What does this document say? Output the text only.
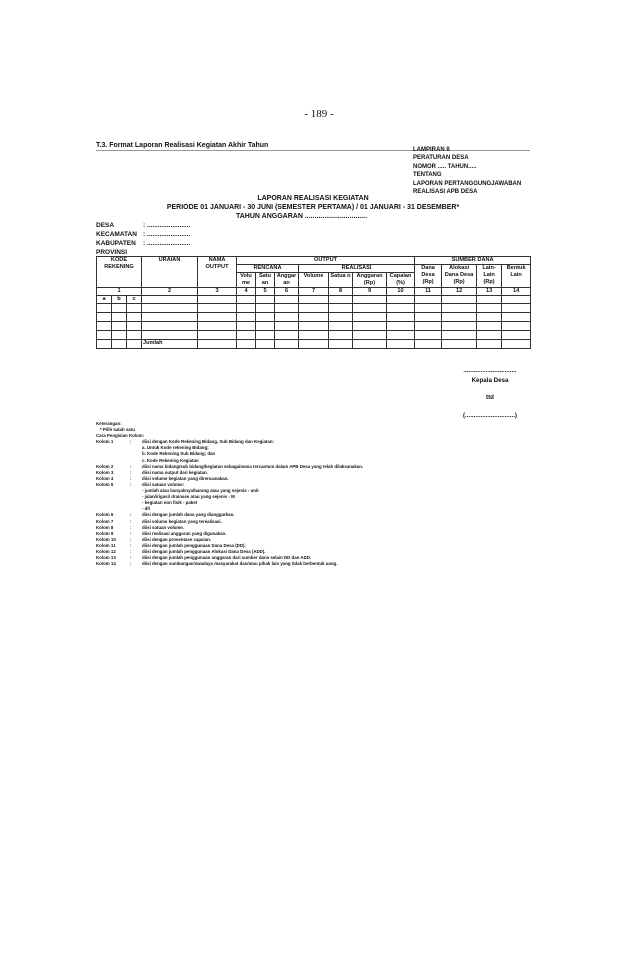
- 189 -
T.3. Format Laporan Realisasi Kegiatan Akhir Tahun
LAMPIRAN II
PERATURAN DESA
NOMOR ..... TAHUN.....
TENTANG
LAPORAN PERTANGGUNGJAWABAN
REALISASI APB DESA
LAPORAN REALISASI KEGIATAN
PERIODE 01 JANUARI - 30 JUNI (SEMESTER PERTAMA) / 01 JANUARI - 31 DESEMBER*
TAHUN ANGGARAN ................................
DESA	: ........................
KECAMATAN : ........................
KABUPATEN	: ........................
PROVINSI
KODE REKENING			URAIAN	NAMA OUTPUT	OUTPUT							SUMBER DANA			
					RENCANA			REALISASI				Dana Desa (Rp)	Alokasi Dana Desa (Rp)	Lain- Lain (Rp)	Bentuk Lain
					Volu me	Satu an	Anggar an	Volume	Satua n	Anggaran (Rp)	Capaian (%)				
1			2	3	4	5	6	7	8	9	10	11	12	13	14
a	b	c													

			Jumlah												
...............................
Kepala Desa
ttd
(.............................)
Keterangan:
* Pilih salah satu
Cara Pengisian Kolom:
Kolom 1	:	diisi dengan Kode Rekening Bidang, Sub Bidang dan Kegiatan:
a. Untuk Kode rekening Bidang;
b. Kode Rekening Sub Bidang; dan
c. Kode Rekening Kegiatan
Kolom 2	:	diisi nama bidang/sub bidang/kegiatan sebagaimana tercantum dalam APB Desa yang telah dilaksanakan.
Kolom 3	:	diisi nama output dari kegiatan.
Kolom 4	:	diisi volume kegiatan yang direncanakan.
Kolom 5	:	diisi satuan volume:
- jumlah atau banyaknya/barang atau yang sejenis - unit
- jalan/irigasi/ drainase atau yang sejenis - M
- kegiatan non fisik - paket
- dll
Kolom 6	:	diisi dengan jumlah dana yang dianggarkan.
Kolom 7	:	diisi volume kegiatan yang terealisasi.
Kolom 8	:	diisi satuan volume.
Kolom 9	:	diisi realisasi anggaran yang digunakan.
Kolom 10	:	diisi dengan prosentase capaian.
Kolom 11	:	diisi dengan jumlah penggunaan Dana Desa (DD).
Kolom 12	:	diisi dengan jumlah penggunaan Alokasi Dana Desa (ADD).
Kolom 13	:	diisi dengan jumlah penggunaan anggaran dari sumber dana selain DD dan ADD.
Kolom 14	:	diisi dengan sumbangan/swadaya masyarakat dan/atau pihak lain yang tidak berbentuk uang.
